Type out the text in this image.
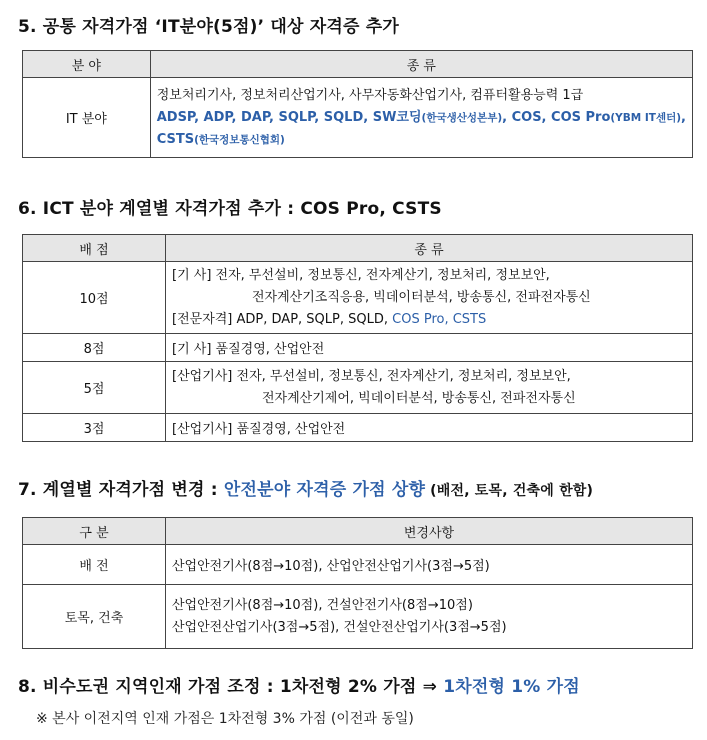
5. 공통 자격가점 ‘IT분야(5점)’ 대상 자격증 추가
분 야	종 류
IT 분야	정보처리기사, 정보처리산업기사, 사무자동화산업기사, 컴퓨터활용능력 1급
ADSP, ADP, DAP, SQLP, SQLD, SW코딩(한국생산성본부), COS, COS Pro(YBM IT센터),
CSTS(한국정보통신협회)
6. ICT 분야 계열별 자격가점 추가 : COS Pro, CSTS
배 점	종 류
10점	[기 사] 전자, 무선설비, 정보통신, 전자계산기, 정보처리, 정보보안,
전자계산기조직응용, 빅데이터분석, 방송통신, 전파전자통신
[전문자격] ADP, DAP, SQLP, SQLD, COS Pro, CSTS

8점	[기 사] 품질경영, 산업안전
5점	[산업기사] 전자, 무선설비, 정보통신, 전자계산기, 정보처리, 정보보안,
전자계산기제어, 빅데이터분석, 방송통신, 전파전자통신

3점	[산업기사] 품질경영, 산업안전
7. 계열별 자격가점 변경 : 안전분야 자격증 가점 상향 (배전, 토목, 건축에 한함)
구 분	변경사항
배 전	산업안전기사(8점→10점), 산업안전산업기사(3점→5점)
토목, 건축	산업안전기사(8점→10점), 건설안전기사(8점→10점)
산업안전산업기사(3점→5점), 건설안전산업기사(3점→5점)
8. 비수도권 지역인재 가점 조정 : 1차전형 2% 가점 ⇒ 1차전형 1% 가점
※ 본사 이전지역 인재 가점은 1차전형 3% 가점 (이전과 동일)
